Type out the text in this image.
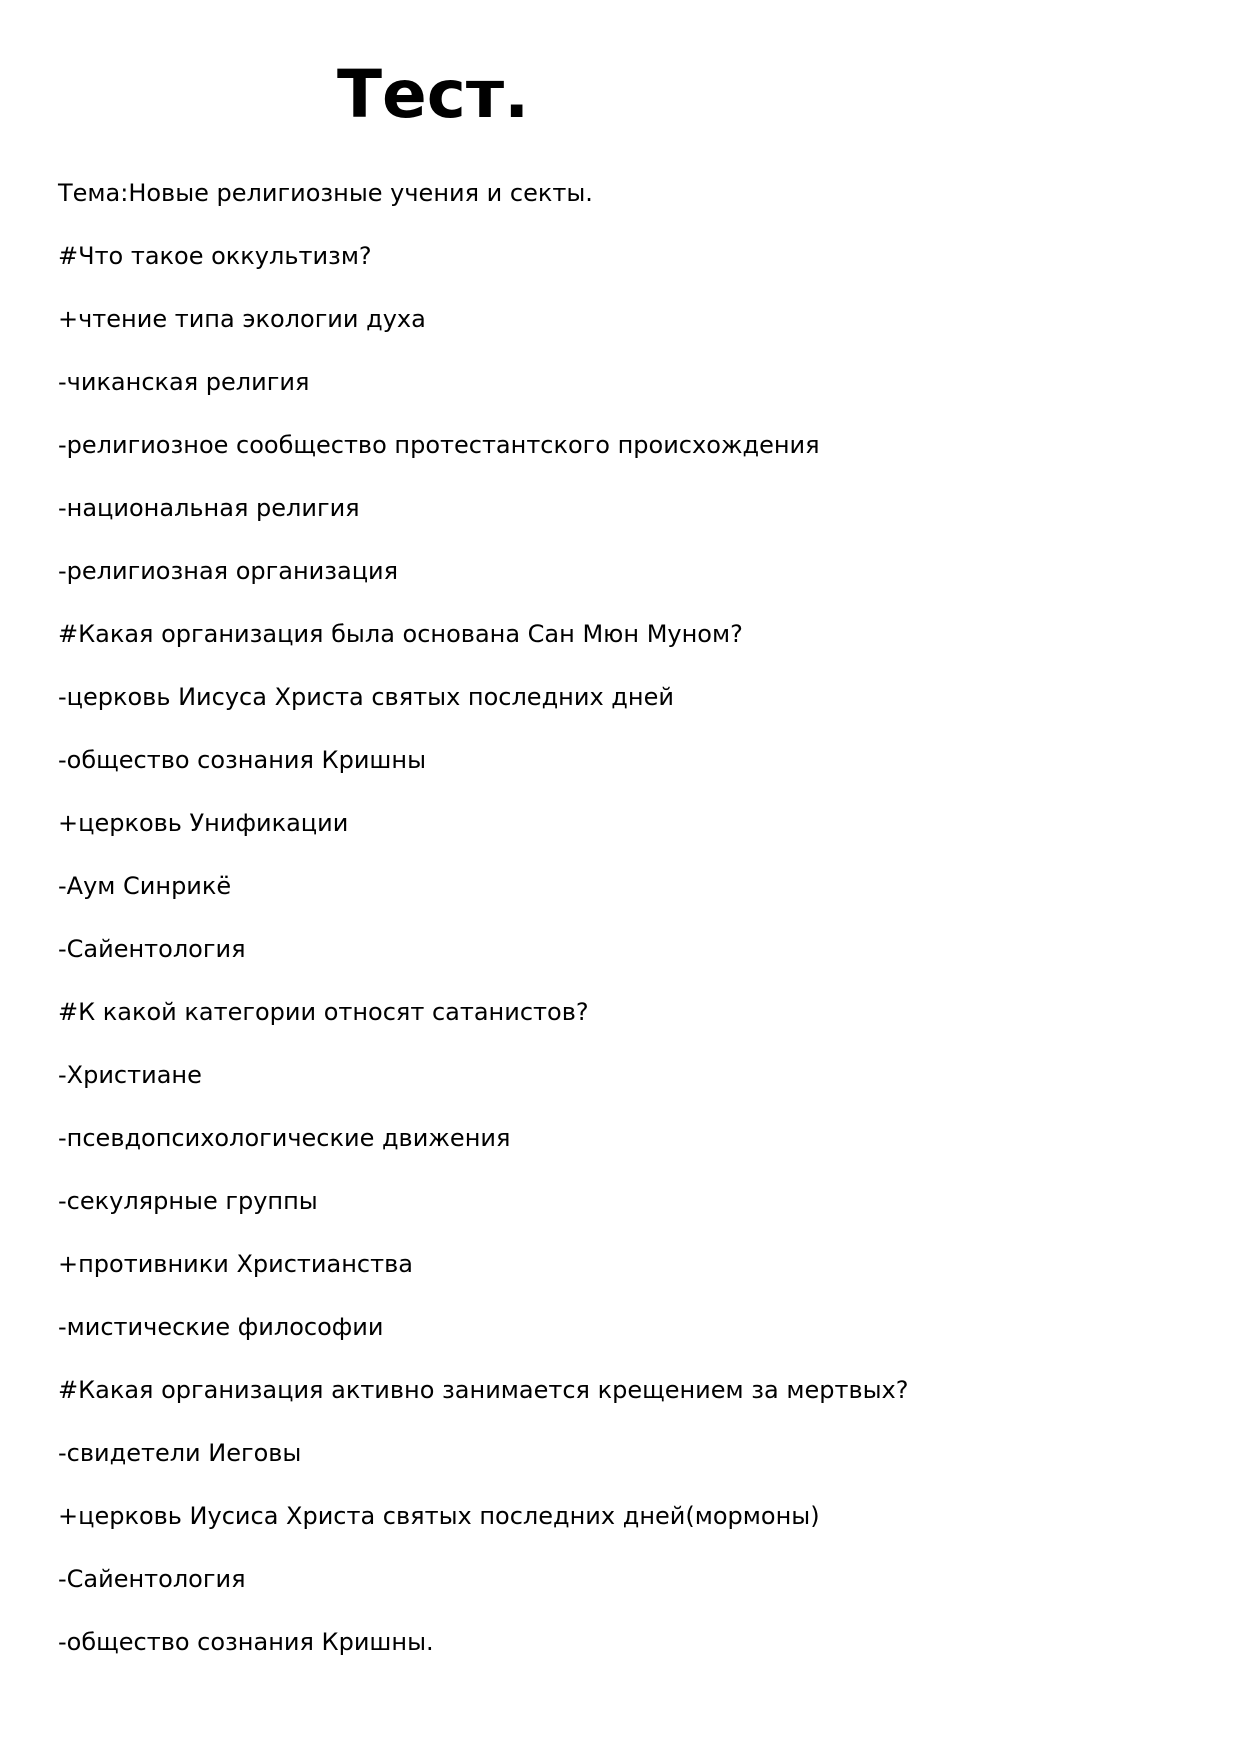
Тест.
Тема:Новые религиозные учения и секты.
#Что такое оккультизм?
+чтение типа экологии духа
-чиканская религия
-религиозное сообщество протестантского происхождения
-национальная религия
-религиозная организация
#Какая организация была основана Сан Мюн Муном?
-церковь Иисуса Христа святых последних дней
-общество сознания Кришны
+церковь Унификации
-Аум Синрикё
-Сайентология
#К какой категории относят сатанистов?
-Христиане
-псевдопсихологические движения
-секулярные группы
+противники Христианства
-мистические философии
#Какая организация активно занимается крещением за мертвых?
-свидетели Иеговы
+церковь Иусиса Христа святых последних дней(мормоны)
-Сайентология
-общество сознания Кришны.
